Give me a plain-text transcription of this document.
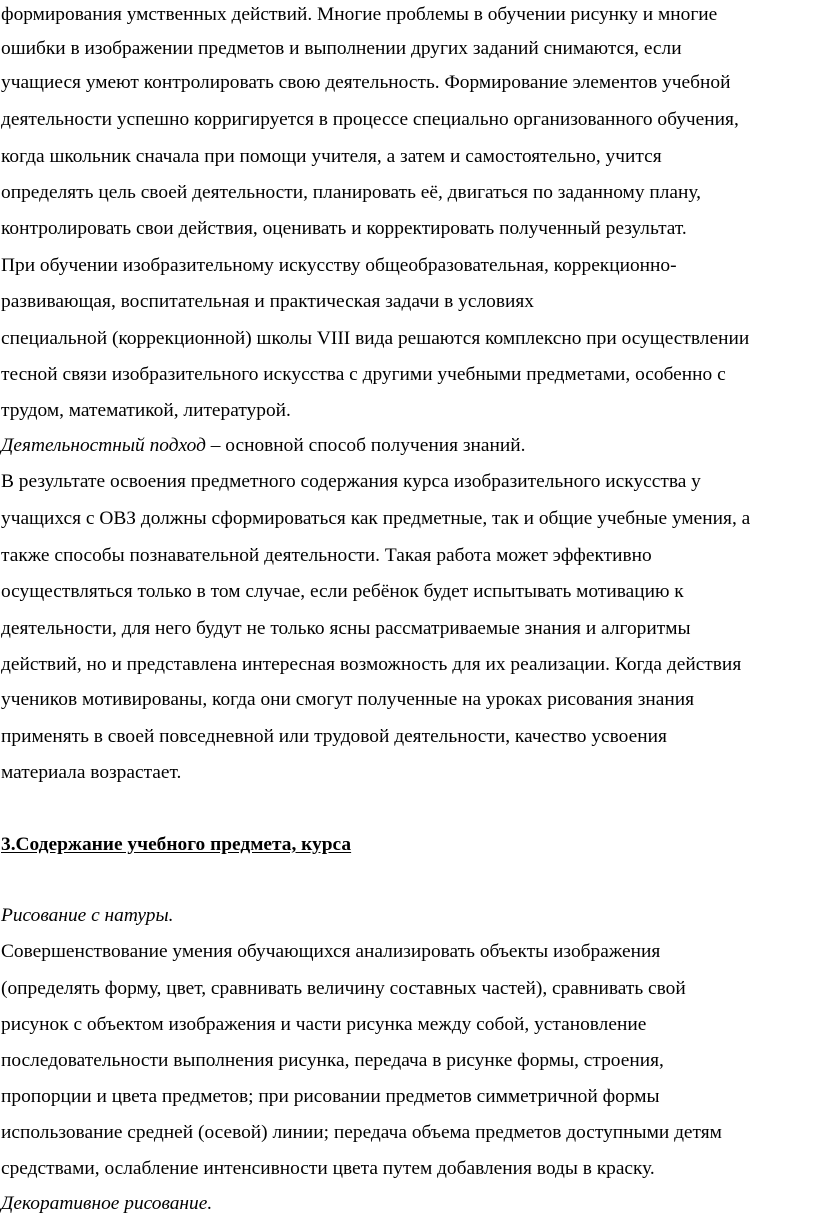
формирования умственных действий. Многие проблемы в обучении рисунку и многие
ошибки в изображении предметов и выполнении других заданий снимаются, если
учащиеся умеют контролировать свою деятельность. Формирование элементов учебной
деятельности успешно корригируется в процессе специально организованного обучения,
когда школьник сначала при помощи учителя, а затем и самостоятельно, учится
определять цель своей деятельности, планировать её, двигаться по заданному плану,
контролировать свои действия, оценивать и корректировать полученный результат.
При обучении изобразительному искусству общеобразовательная, коррекционно-
развивающая, воспитательная и практическая задачи в условиях
специальной (коррекционной) школы VIII вида решаются комплексно при осуществлении
тесной связи изобразительного искусства с другими учебными предметами, особенно с
трудом, математикой, литературой.
Деятельностный подход – основной способ получения знаний.
В результате освоения предметного содержания курса изобразительного искусства у
учащихся с ОВЗ должны сформироваться как предметные, так и общие учебные умения, а
также способы познавательной деятельности. Такая работа может эффективно
осуществляться только в том случае, если ребёнок будет испытывать мотивацию к
деятельности, для него будут не только ясны рассматриваемые знания и алгоритмы
действий, но и представлена интересная возможность для их реализации. Когда действия
учеников мотивированы, когда они смогут полученные на уроках рисования знания
применять в своей повседневной или трудовой деятельности, качество усвоения
материала возрастает.
3.Содержание учебного предмета, курса
Рисование с натуры.
Совершенствование умения обучающихся анализировать объекты изображения
(определять форму, цвет, сравнивать величину составных частей), сравнивать свой
рисунок с объектом изображения и части рисунка между собой, установление
последовательности выполнения рисунка, передача в рисунке формы, строения,
пропорции и цвета предметов; при рисовании предметов симметричной формы
использование средней (осевой) линии; передача объема предметов доступными детям
средствами, ослабление интенсивности цвета путем добавления воды в краску.
Декоративное рисование.
